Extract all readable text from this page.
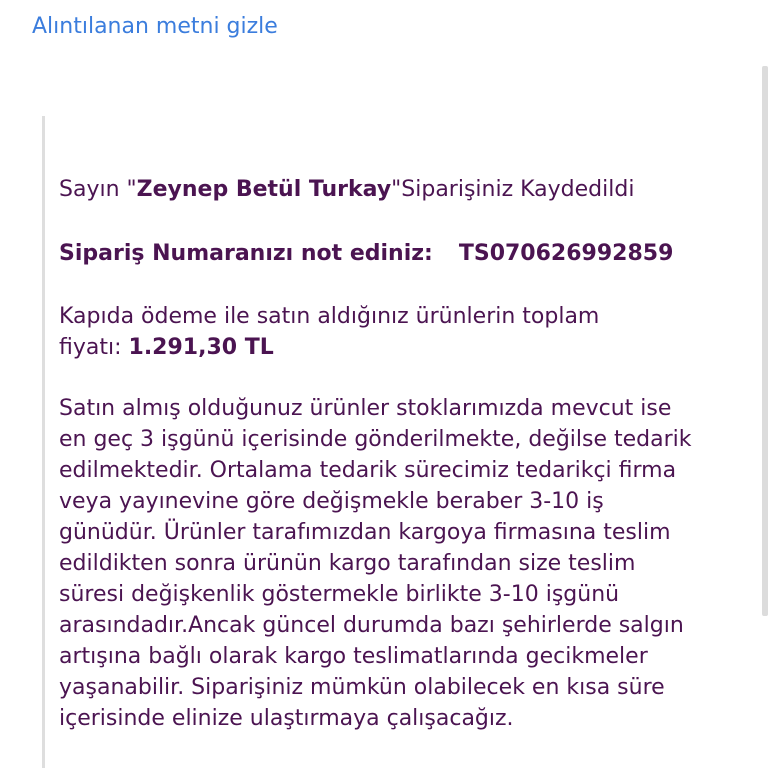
Alıntılanan metni gizle
Sayın "Zeynep Betül Turkay"Siparişiniz Kaydedildi
Sipariş Numaranızı not ediniz: TS070626992859
Kapıda ödeme ile satın aldığınız ürünlerin toplam
fiyatı: 1.291,30 TL
Satın almış olduğunuz ürünler stoklarımızda mevcut ise
en geç 3 işgünü içerisinde gönderilmekte, değilse tedarik
edilmektedir. Ortalama tedarik sürecimiz tedarikçi firma
veya yayınevine göre değişmekle beraber 3-10 iş
günüdür. Ürünler tarafımızdan kargoya firmasına teslim
edildikten sonra ürünün kargo tarafından size teslim
süresi değişkenlik göstermekle birlikte 3-10 işgünü
arasındadır.Ancak güncel durumda bazı şehirlerde salgın
artışına bağlı olarak kargo teslimatlarında gecikmeler
yaşanabilir. Siparişiniz mümkün olabilecek en kısa süre
içerisinde elinize ulaştırmaya çalışacağız.
